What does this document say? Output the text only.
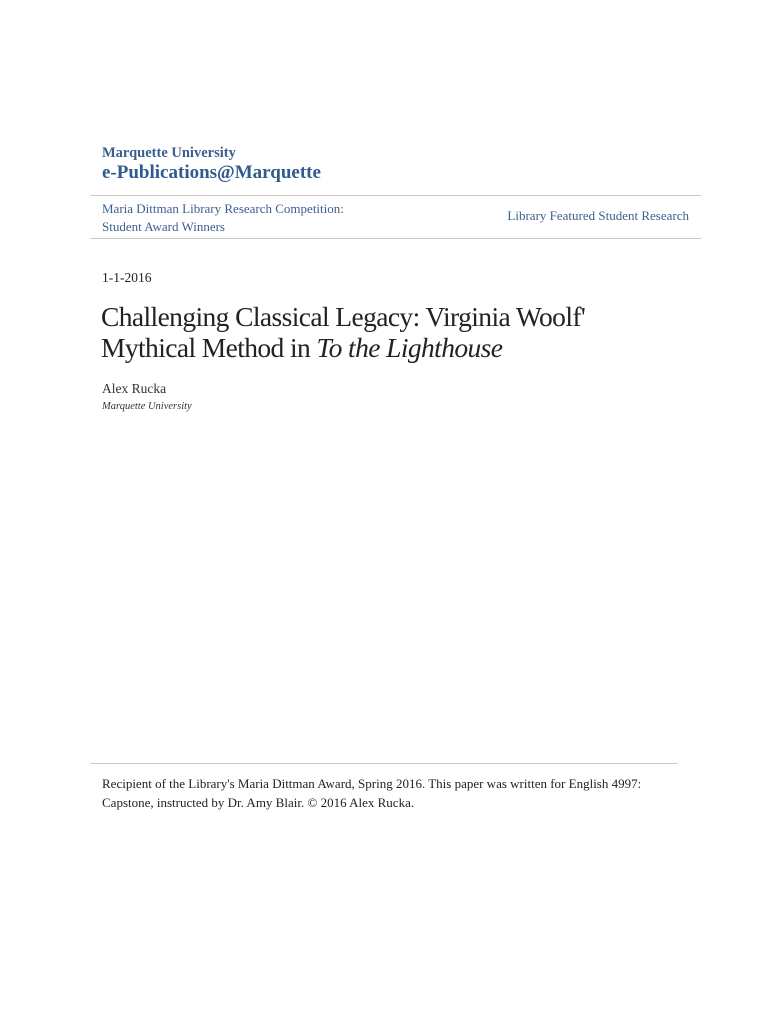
Marquette University
e-Publications@Marquette
Maria Dittman Library Research Competition:
Student Award Winners
Library Featured Student Research
1-1-2016
Challenging Classical Legacy: Virginia Woolf'
Mythical Method in To the Lighthouse
Alex Rucka
Marquette University
Recipient of the Library's Maria Dittman Award, Spring 2016. This paper was written for English 4997: Capstone, instructed by Dr. Amy Blair. © 2016 Alex Rucka.
